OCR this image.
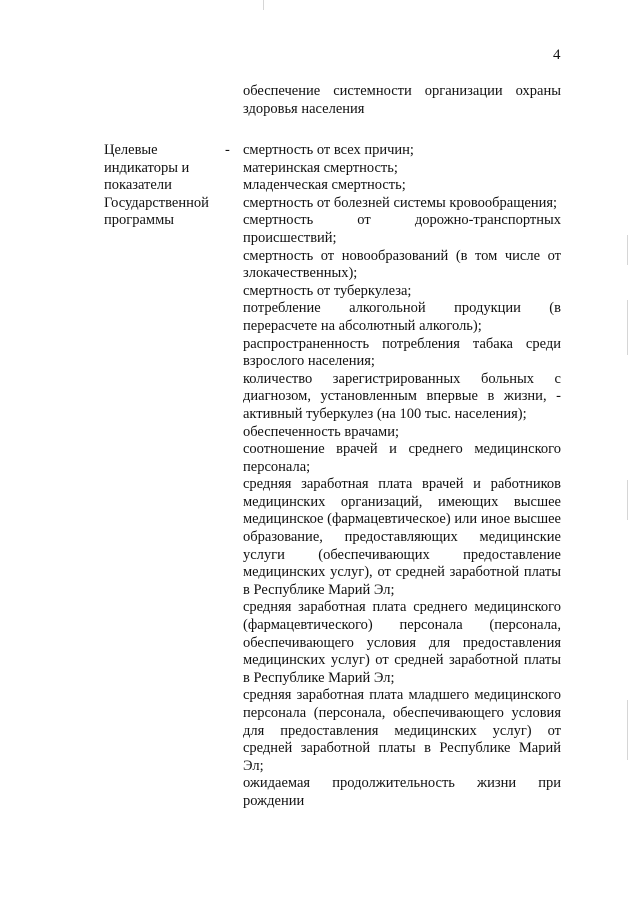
4
обеспечение системности организации охраны здоровья населения
Целевые
индикаторы и
показатели
Государственной
программы
- смертность от всех причин;
материнская смертность;
младенческая смертность;
смертность от болезней системы кровообращения;
смертность от дорожно-транспортных происшествий;
смертность от новообразований (в том числе от злокачественных);
смертность от туберкулеза;
потребление алкогольной продукции (в перерасчете на абсолютный алкоголь);
распространенность потребления табака среди взрослого населения;
количество зарегистрированных больных с диагнозом, установленным впервые в жизни, - активный туберкулез (на 100 тыс. населения);
обеспеченность врачами;
соотношение врачей и среднего медицинского персонала;
средняя заработная плата врачей и работников медицинских организаций, имеющих высшее медицинское (фармацевтическое) или иное высшее образование, предоставляющих медицинские услуги (обеспечивающих предоставление медицинских услуг), от средней заработной платы в Республике Марий Эл;
средняя заработная плата среднего медицинского (фармацевтического) персонала (персонала, обеспечивающего условия для предоставления медицинских услуг) от средней заработной платы в Республике Марий Эл;
средняя заработная плата младшего медицинского персонала (персонала, обеспечивающего условия для предоставления медицинских услуг) от средней заработной платы в Республике Марий Эл;
ожидаемая продолжительность жизни при рождении
